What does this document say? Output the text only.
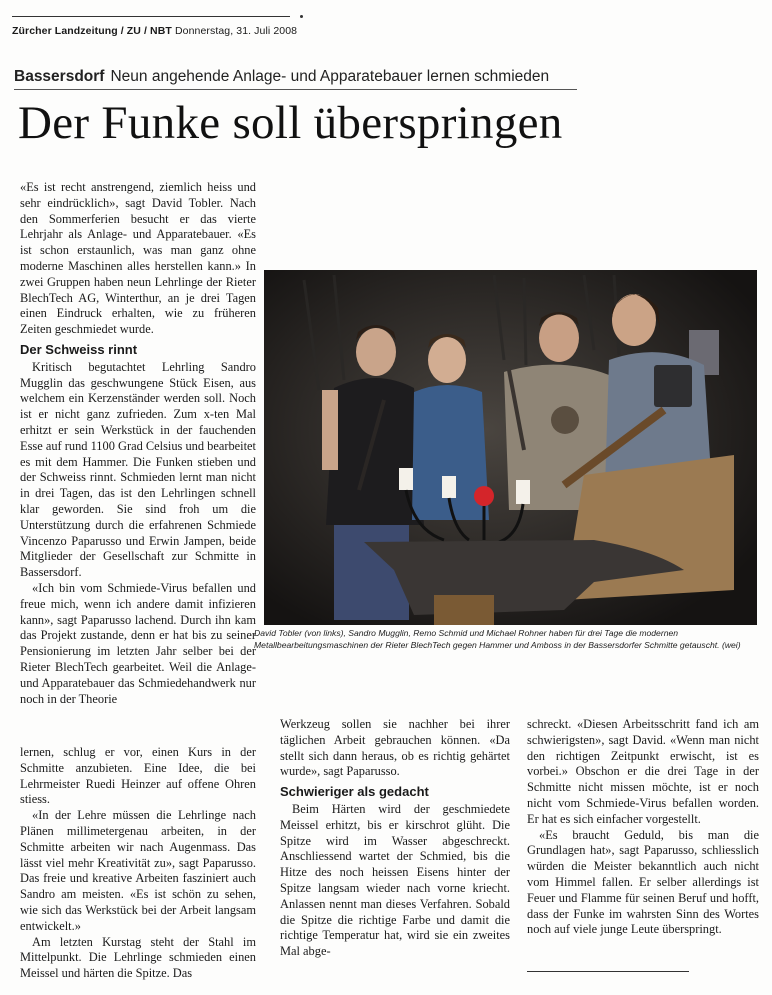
Zürcher Landzeitung / ZU / NBT Donnerstag, 31. Juli 2008
Bassersdorf Neun angehende Anlage- und Apparatebauer lernen schmieden
Der Funke soll überspringen

«Es ist recht anstrengend, ziemlich heiss und sehr eindrücklich», sagt David Tobler. Nach den Sommerferien besucht er das vierte Lehrjahr als Anlage- und Apparatebauer. «Es ist schon erstaunlich, was man ganz ohne moderne Maschinen alles herstellen kann.» In zwei Gruppen haben neun Lehrlinge der Rieter BlechTech AG, Winterthur, an je drei Tagen einen Eindruck erhalten, wie zu früheren Zeiten geschmiedet wurde.

Der Schweiss rinnt

Kritisch begutachtet Lehrling Sandro Mugglin das geschwungene Stück Eisen, aus welchem ein Kerzenständer werden soll. Noch ist er nicht ganz zufrieden. Zum x-ten Mal erhitzt er sein Werkstück in der fauchenden Esse auf rund 1100 Grad Celsius und bearbeitet es mit dem Hammer. Die Funken stieben und der Schweiss rinnt. Schmieden lernt man nicht in drei Tagen, das ist den Lehrlingen schnell klar geworden. Sie sind froh um die Unterstützung durch die erfahrenen Schmiede Vincenzo Paparusso und Erwin Jampen, beide Mitglieder der Gesellschaft zur Schmitte in Bassersdorf.

«Ich bin vom Schmiede-Virus befallen und freue mich, wenn ich andere damit infizieren kann», sagt Paparusso lachend. Durch ihn kam das Projekt zustande, denn er hat bis zu seiner Pensionierung im letzten Jahr selber bei der Rieter BlechTech gearbeitet. Weil die Anlage- und Apparatebauer das Schmiedehandwerk nur noch in der Theorie

lernen, schlug er vor, einen Kurs in der Schmitte anzubieten. Eine Idee, die bei Lehrmeister Ruedi Heinzer auf offene Ohren stiess.

«In der Lehre müssen die Lehrlinge nach Plänen millimetergenau arbeiten, in der Schmitte arbeiten wir nach Augenmass. Das lässt viel mehr Kreativität zu», sagt Paparusso. Das freie und kreative Arbeiten fasziniert auch Sandro am meisten. «Es ist schön zu sehen, wie sich das Werkstück bei der Arbeit langsam entwickelt.»

Am letzten Kurstag steht der Stahl im Mittelpunkt. Die Lehrlinge schmieden einen Meissel und härten die Spitze. Das

David Tobler (von links), Sandro Mugglin, Remo Schmid und Michael Rohner haben für drei Tage die modernen Metallbearbeitungsmaschinen der Rieter BlechTech gegen Hammer und Amboss in der Bassersdorfer Schmitte getauscht. (wei)

Werkzeug sollen sie nachher bei ihrer täglichen Arbeit gebrauchen können. «Da stellt sich dann heraus, ob es richtig gehärtet wurde», sagt Paparusso.

Schwieriger als gedacht

Beim Härten wird der geschmiedete Meissel erhitzt, bis er kirschrot glüht. Die Spitze wird im Wasser abgeschreckt. Anschliessend wartet der Schmied, bis die Hitze des noch heissen Eisens hinter der Spitze langsam wieder nach vorne kriecht. Anlassen nennt man dieses Verfahren. Sobald die Spitze die richtige Farbe und damit die richtige Temperatur hat, wird sie ein zweites Mal abge-

schreckt. «Diesen Arbeitsschritt fand ich am schwierigsten», sagt David. «Wenn man nicht den richtigen Zeitpunkt erwischt, ist es vorbei.» Obschon er die drei Tage in der Schmitte nicht missen möchte, ist er noch nicht vom Schmiede-Virus befallen worden. Er hat es sich einfacher vorgestellt.

«Es braucht Geduld, bis man die Grundlagen hat», sagt Paparusso, schliesslich würden die Meister bekanntlich auch nicht vom Himmel fallen. Er selber allerdings ist Feuer und Flamme für seinen Beruf und hofft, dass der Funke im wahrsten Sinn des Wortes noch auf viele junge Leute überspringt.
